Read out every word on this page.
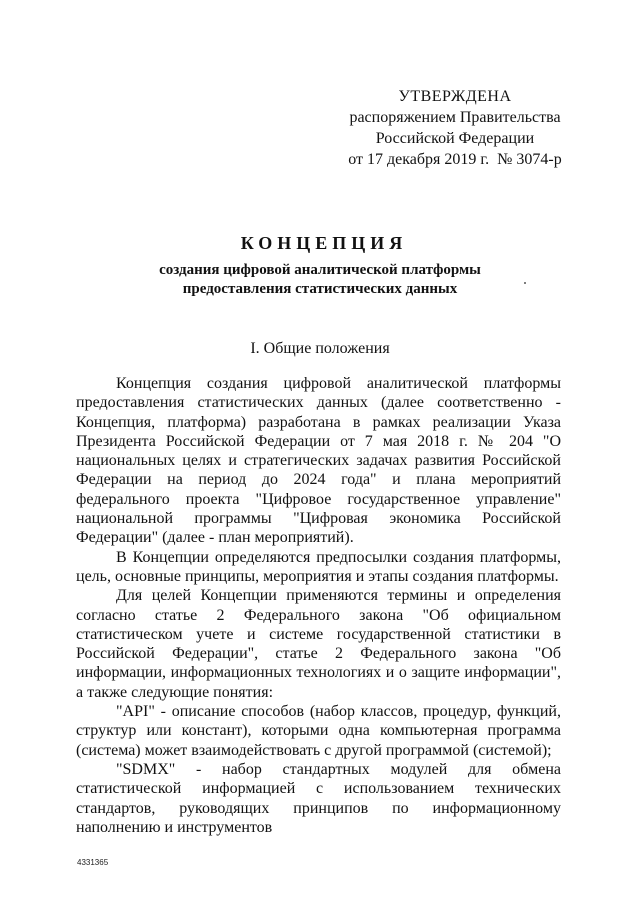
УТВЕРЖДЕНА
распоряжением Правительства
Российской Федерации
от 17 декабря 2019 г.  № 3074-р
КОНЦЕПЦИЯ
создания цифровой аналитической платформы
предоставления статистических данных
I. Общие положения

Концепция создания цифровой аналитической платформы предоставления статистических данных (далее соответственно - Концепция, платформа) разработана в рамках реализации Указа Президента Российской Федерации от 7 мая 2018 г. № 204 "О национальных целях и стратегических задачах развития Российской Федерации на период до 2024 года" и плана мероприятий федерального проекта "Цифровое государственное управление" национальной программы "Цифровая экономика Российской Федерации" (далее - план мероприятий).

В Концепции определяются предпосылки создания платформы, цель, основные принципы, мероприятия и этапы создания платформы.

Для целей Концепции применяются термины и определения согласно статье 2 Федерального закона "Об официальном статистическом учете и системе государственной статистики в Российской Федерации", статье 2 Федерального закона "Об информации, информационных технологиях и о защите информации", а также следующие понятия:

"API" - описание способов (набор классов, процедур, функций, структур или констант), которыми одна компьютерная программа (система) может взаимодействовать с другой программой (системой);

"SDMX" - набор стандартных модулей для обмена статистической информацией с использованием технических стандартов, руководящих принципов по информационному наполнению и инструментов

4331365
